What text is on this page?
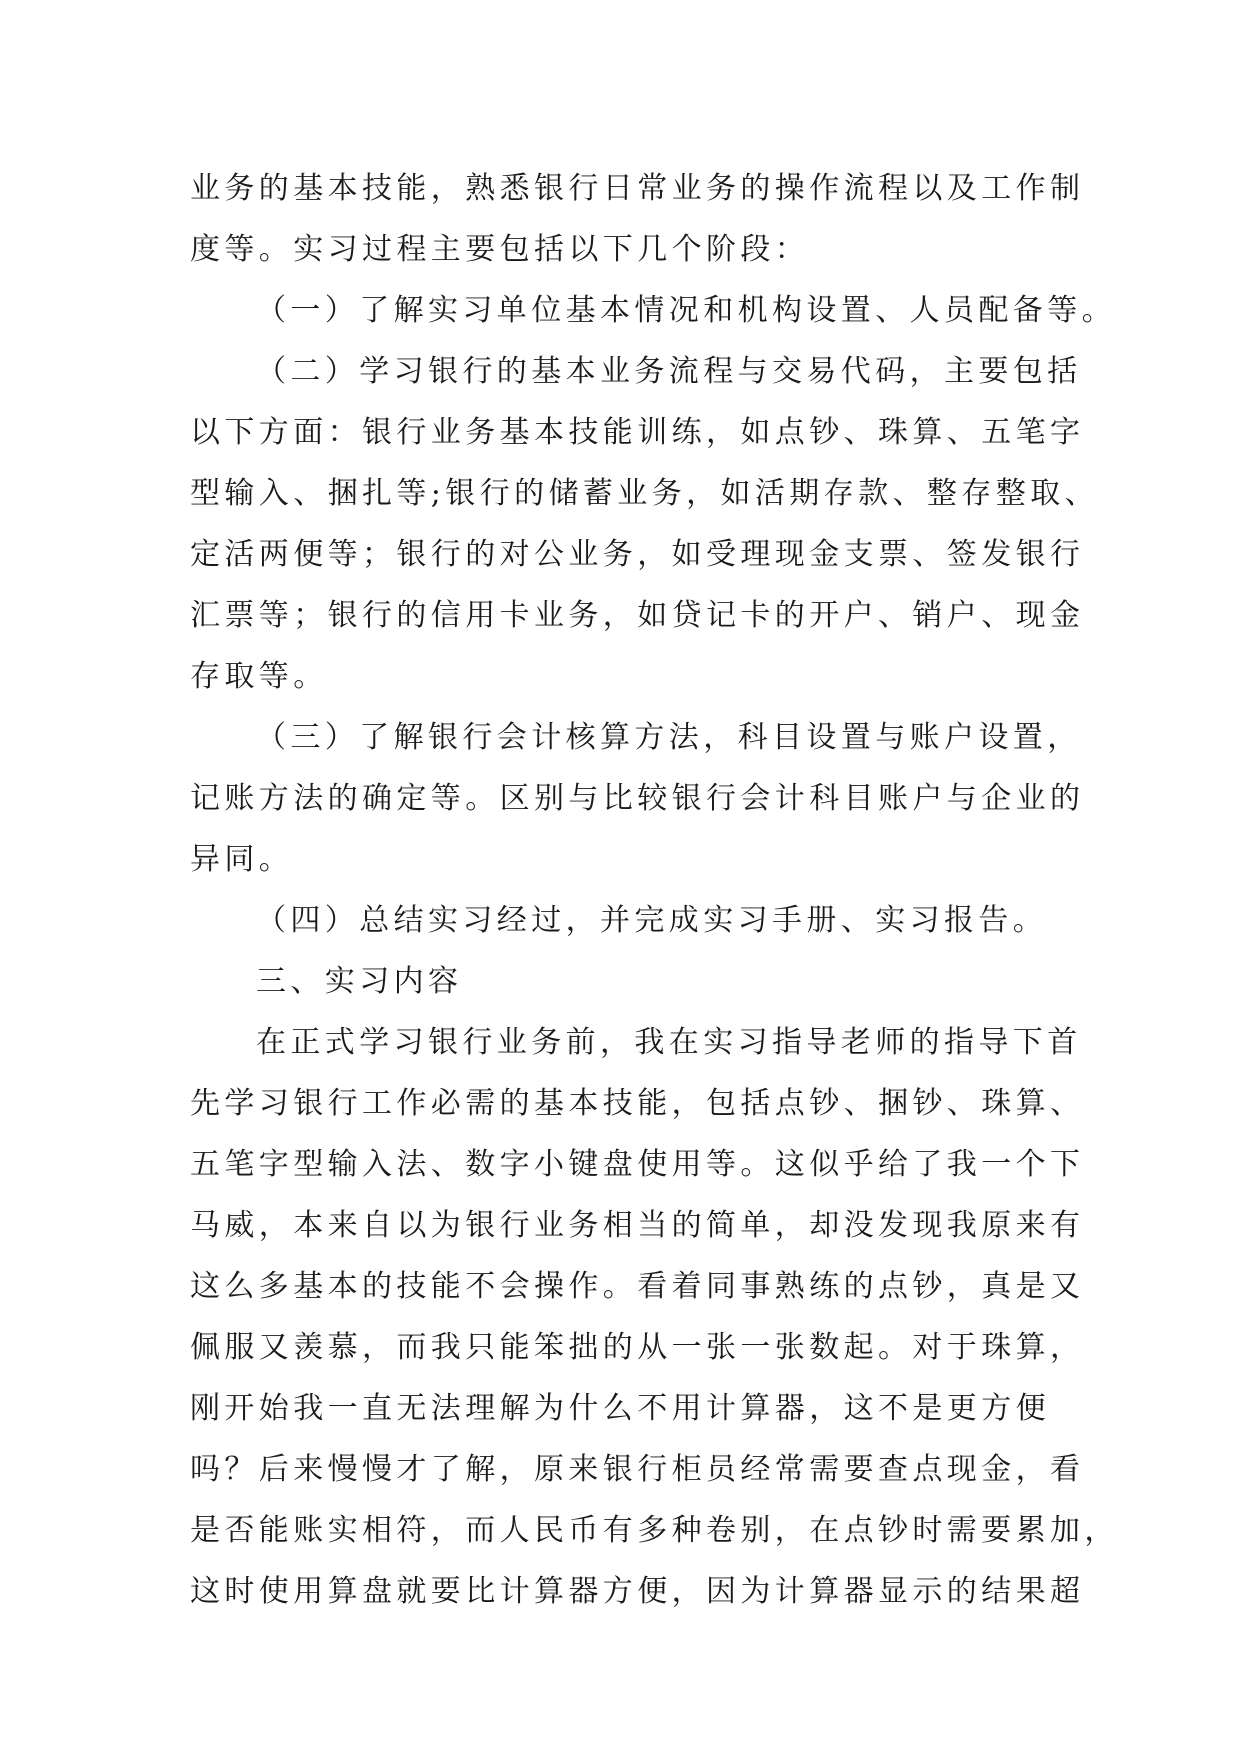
业务的基本技能，熟悉银行日常业务的操作流程以及工作制
度等。实习过程主要包括以下几个阶段：
（一）了解实习单位基本情况和机构设置、人员配备等。
（二）学习银行的基本业务流程与交易代码，主要包括
以下方面：银行业务基本技能训练，如点钞、珠算、五笔字
型输入、捆扎等;银行的储蓄业务，如活期存款、整存整取、
定活两便等；银行的对公业务，如受理现金支票、签发银行
汇票等；银行的信用卡业务，如贷记卡的开户、销户、现金
存取等。
（三）了解银行会计核算方法，科目设置与账户设置，
记账方法的确定等。区别与比较银行会计科目账户与企业的
异同。
（四）总结实习经过，并完成实习手册、实习报告。
三、实习内容
在正式学习银行业务前，我在实习指导老师的指导下首
先学习银行工作必需的基本技能，包括点钞、捆钞、珠算、
五笔字型输入法、数字小键盘使用等。这似乎给了我一个下
马威，本来自以为银行业务相当的简单，却没发现我原来有
这么多基本的技能不会操作。看着同事熟练的点钞，真是又
佩服又羡慕，而我只能笨拙的从一张一张数起。对于珠算，
刚开始我一直无法理解为什么不用计算器，这不是更方便
吗？后来慢慢才了解，原来银行柜员经常需要查点现金，看
是否能账实相符，而人民币有多种卷别，在点钞时需要累加，
这时使用算盘就要比计算器方便，因为计算器显示的结果超
